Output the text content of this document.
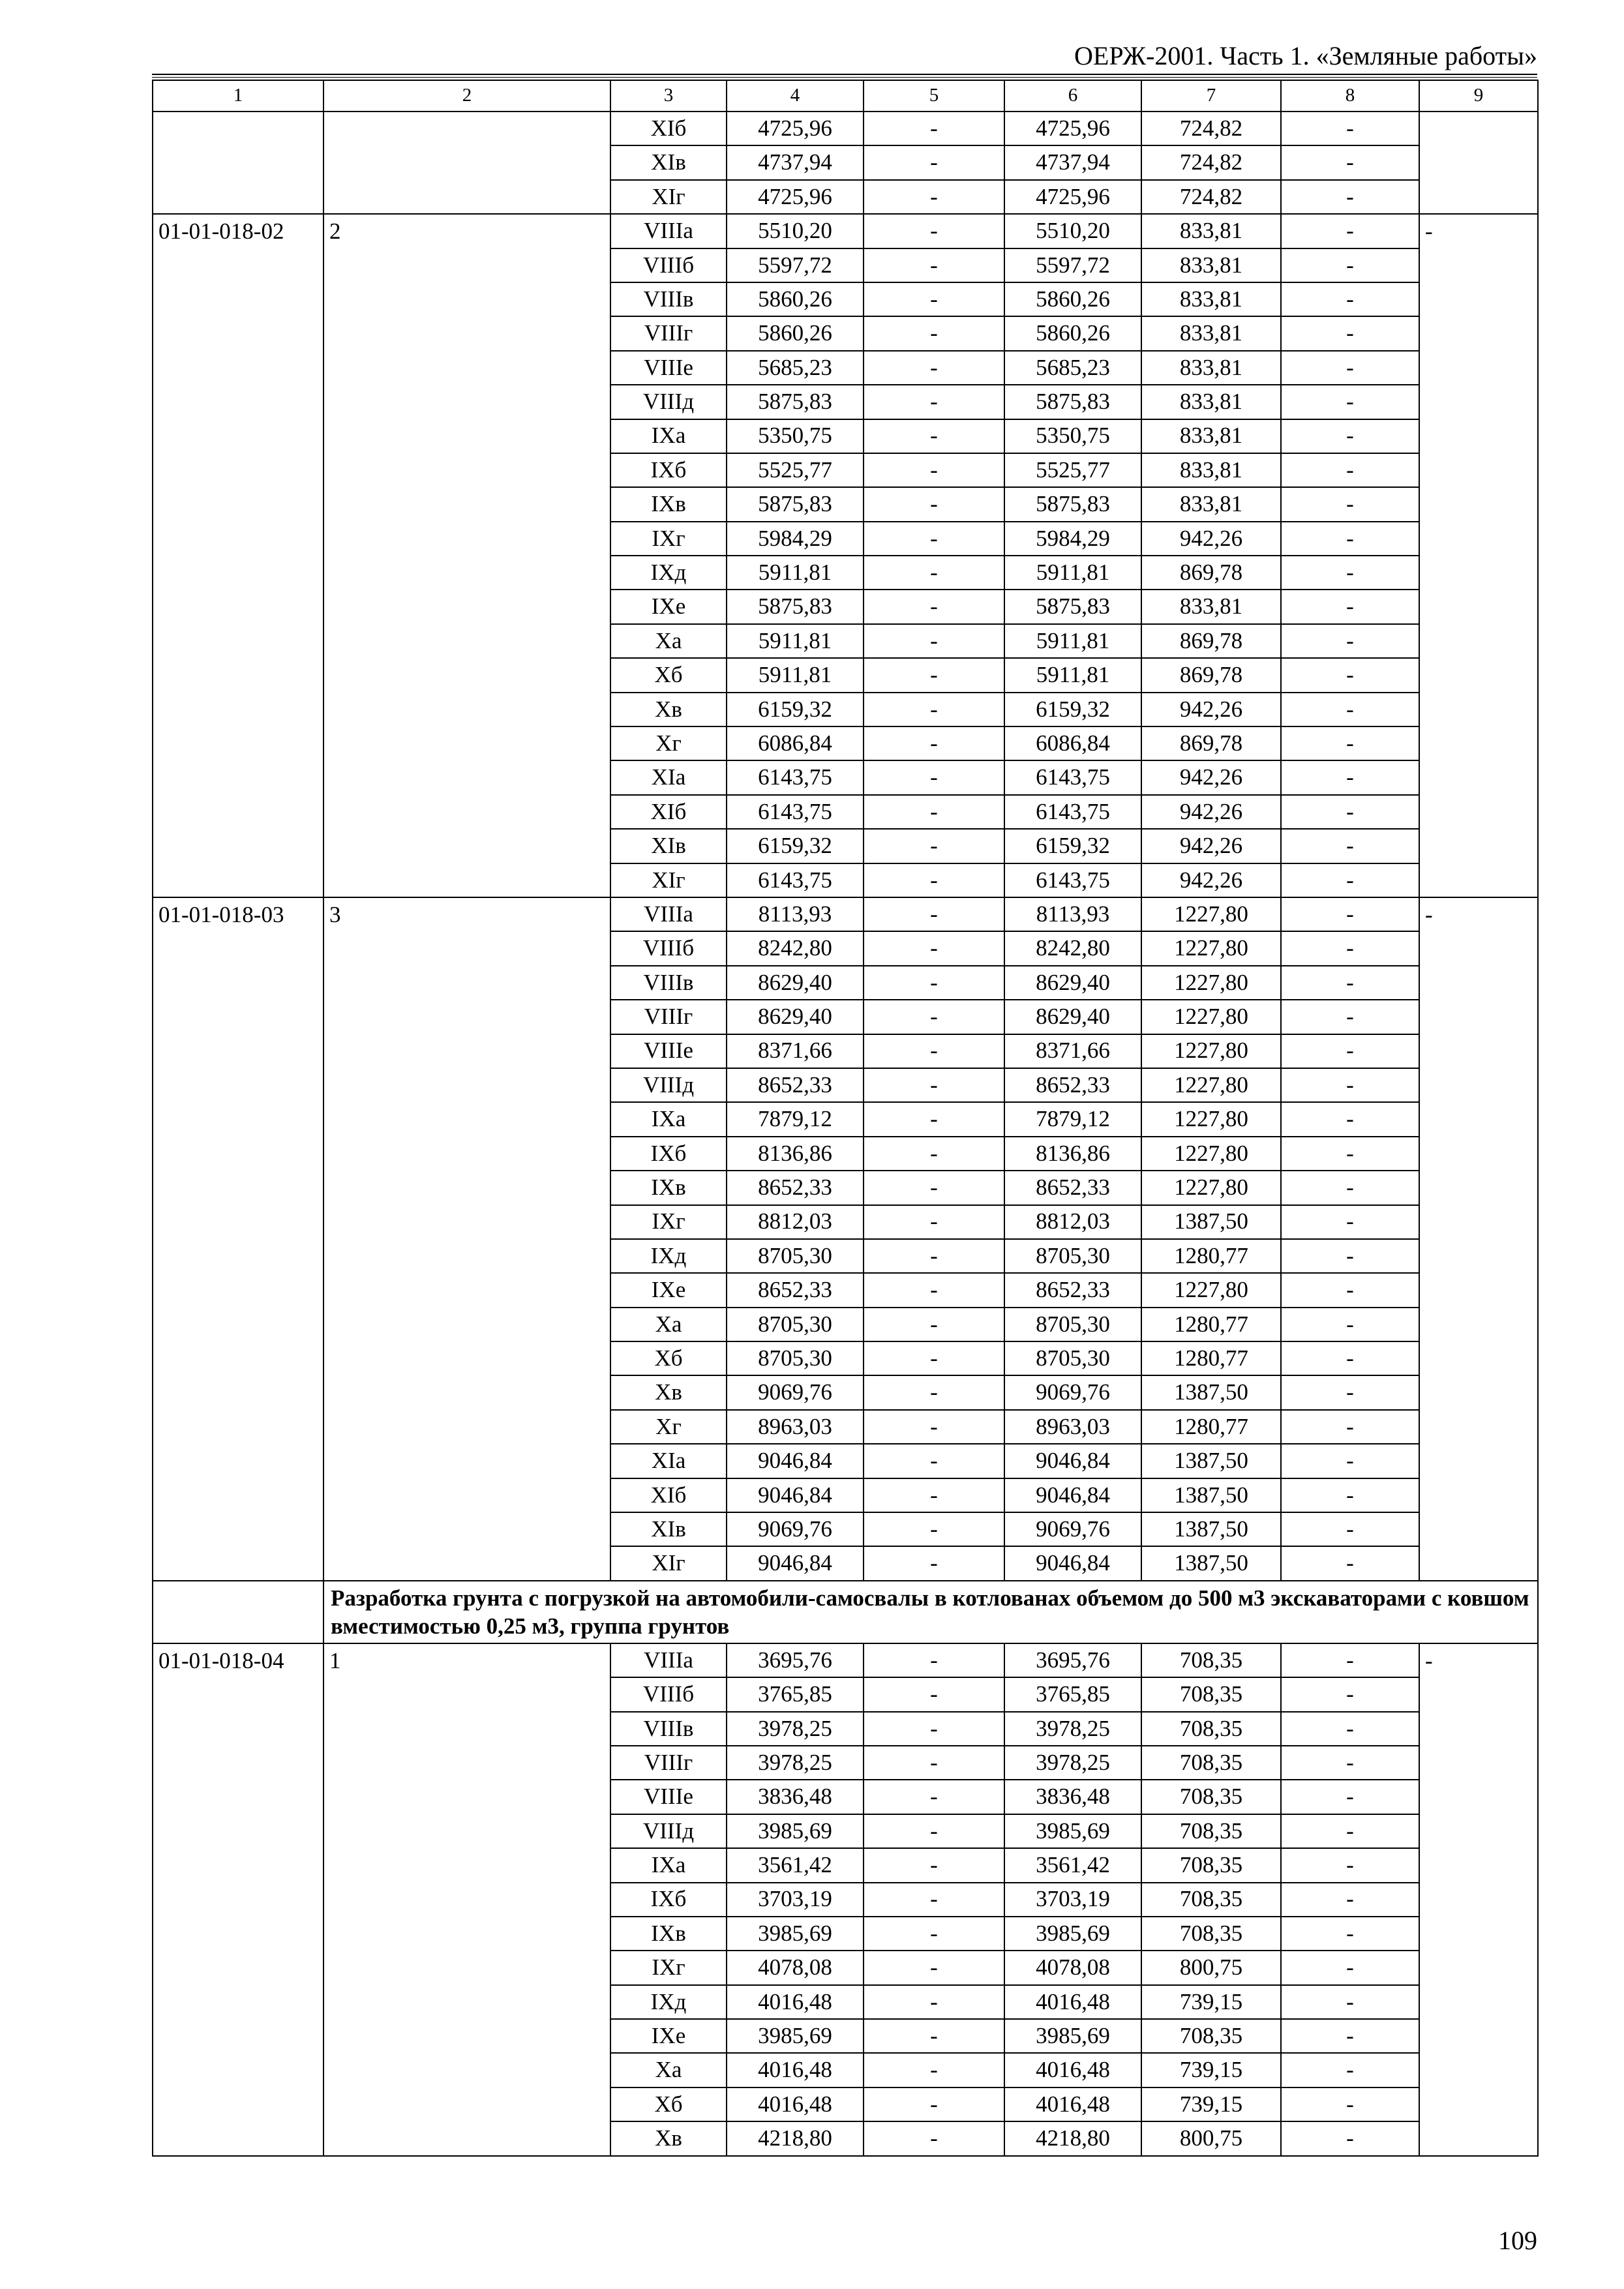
ОЕРЖ-2001. Часть 1. «Земляные работы»
1	2	3	4	5	6	7	8	9
		XIб	4725,96	-	4725,96	724,82	-	
		XIв	4737,94	-	4737,94	724,82	-	
		XIг	4725,96	-	4725,96	724,82	-	
01-01-018-02	2	VIIIа	5510,20	-	5510,20	833,81	-	-
		VIIIб	5597,72	-	5597,72	833,81	-	
		VIIIв	5860,26	-	5860,26	833,81	-	
		VIIIг	5860,26	-	5860,26	833,81	-	
		VIIIе	5685,23	-	5685,23	833,81	-	
		VIIIд	5875,83	-	5875,83	833,81	-	
		IXа	5350,75	-	5350,75	833,81	-	
		IXб	5525,77	-	5525,77	833,81	-	
		IXв	5875,83	-	5875,83	833,81	-	
		IXг	5984,29	-	5984,29	942,26	-	
		IXд	5911,81	-	5911,81	869,78	-	
		IXе	5875,83	-	5875,83	833,81	-	
		Xа	5911,81	-	5911,81	869,78	-	
		Xб	5911,81	-	5911,81	869,78	-	
		Xв	6159,32	-	6159,32	942,26	-	
		Xг	6086,84	-	6086,84	869,78	-	
		XIа	6143,75	-	6143,75	942,26	-	
		XIб	6143,75	-	6143,75	942,26	-	
		XIв	6159,32	-	6159,32	942,26	-	
		XIг	6143,75	-	6143,75	942,26	-	
01-01-018-03	3	VIIIа	8113,93	-	8113,93	1227,80	-	-
		VIIIб	8242,80	-	8242,80	1227,80	-	
		VIIIв	8629,40	-	8629,40	1227,80	-	
		VIIIг	8629,40	-	8629,40	1227,80	-	
		VIIIе	8371,66	-	8371,66	1227,80	-	
		VIIIд	8652,33	-	8652,33	1227,80	-	
		IXа	7879,12	-	7879,12	1227,80	-	
		IXб	8136,86	-	8136,86	1227,80	-	
		IXв	8652,33	-	8652,33	1227,80	-	
		IXг	8812,03	-	8812,03	1387,50	-	
		IXд	8705,30	-	8705,30	1280,77	-	
		IXе	8652,33	-	8652,33	1227,80	-	
		Xа	8705,30	-	8705,30	1280,77	-	
		Xб	8705,30	-	8705,30	1280,77	-	
		Xв	9069,76	-	9069,76	1387,50	-	
		Xг	8963,03	-	8963,03	1280,77	-	
		XIа	9046,84	-	9046,84	1387,50	-	
		XIб	9046,84	-	9046,84	1387,50	-	
		XIв	9069,76	-	9069,76	1387,50	-	
		XIг	9046,84	-	9046,84	1387,50	-	
	Разработка грунта с погрузкой на автомобили-самосвалы в котлованах объемом до 500 м3 экскаваторами с ковшом вместимостью 0,25 м3, группа грунтов							
01-01-018-04	1	VIIIа	3695,76	-	3695,76	708,35	-	-
		VIIIб	3765,85	-	3765,85	708,35	-	
		VIIIв	3978,25	-	3978,25	708,35	-	
		VIIIг	3978,25	-	3978,25	708,35	-	
		VIIIе	3836,48	-	3836,48	708,35	-	
		VIIIд	3985,69	-	3985,69	708,35	-	
		IXа	3561,42	-	3561,42	708,35	-	
		IXб	3703,19	-	3703,19	708,35	-	
		IXв	3985,69	-	3985,69	708,35	-	
		IXг	4078,08	-	4078,08	800,75	-	
		IXд	4016,48	-	4016,48	739,15	-	
		IXе	3985,69	-	3985,69	708,35	-	
		Xа	4016,48	-	4016,48	739,15	-	
		Xб	4016,48	-	4016,48	739,15	-	
		Xв	4218,80	-	4218,80	800,75	-	
109
